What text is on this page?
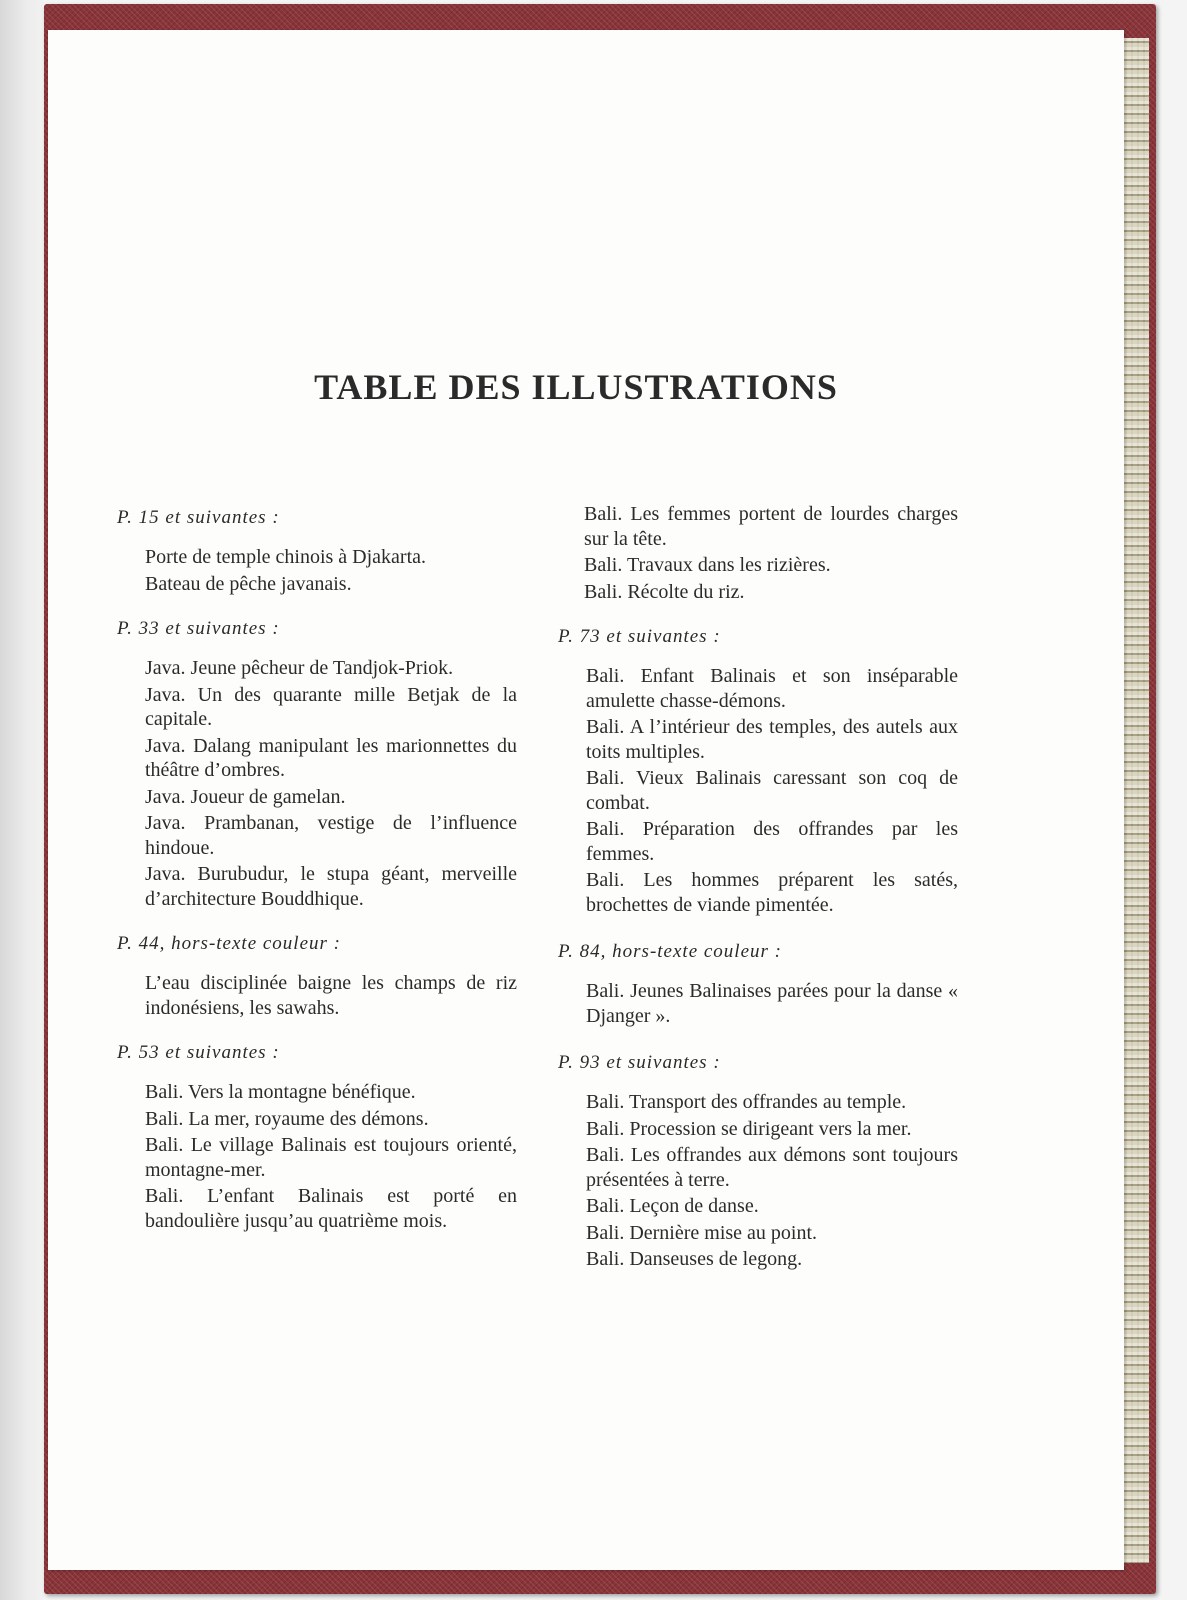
TABLE DES ILLUSTRATIONS
P. 15 et suivantes :

Porte de temple chinois à Djakarta.

Bateau de pêche javanais.

P. 33 et suivantes :

Java. Jeune pêcheur de Tandjok-Priok.

Java. Un des quarante mille Betjak de la capitale.

Java. Dalang manipulant les marionnettes du théâtre d’ombres.

Java. Joueur de gamelan.

Java. Prambanan, vestige de l’influence hindoue.

Java. Burubudur, le stupa géant, merveille d’architecture Bouddhique.

P. 44, hors-texte couleur :

L’eau disciplinée baigne les champs de riz indonésiens, les sawahs.

P. 53 et suivantes :

Bali. Vers la montagne bénéfique.

Bali. La mer, royaume des démons.

Bali. Le village Balinais est toujours orienté, montagne-mer.

Bali. L’enfant Balinais est porté en bandoulière jusqu’au quatrième mois.

Bali. Les femmes portent de lourdes charges sur la tête.

Bali. Travaux dans les rizières.

Bali. Récolte du riz.

P. 73 et suivantes :

Bali. Enfant Balinais et son inséparable amulette chasse-démons.

Bali. A l’intérieur des temples, des autels aux toits multiples.

Bali. Vieux Balinais caressant son coq de combat.

Bali. Préparation des offrandes par les femmes.

Bali. Les hommes préparent les satés, brochettes de viande pimentée.

P. 84, hors-texte couleur :

Bali. Jeunes Balinaises parées pour la danse « Djanger ».

P. 93 et suivantes :

Bali. Transport des offrandes au temple.

Bali. Procession se dirigeant vers la mer.

Bali. Les offrandes aux démons sont toujours présentées à terre.

Bali. Leçon de danse.

Bali. Dernière mise au point.

Bali. Danseuses de legong.
